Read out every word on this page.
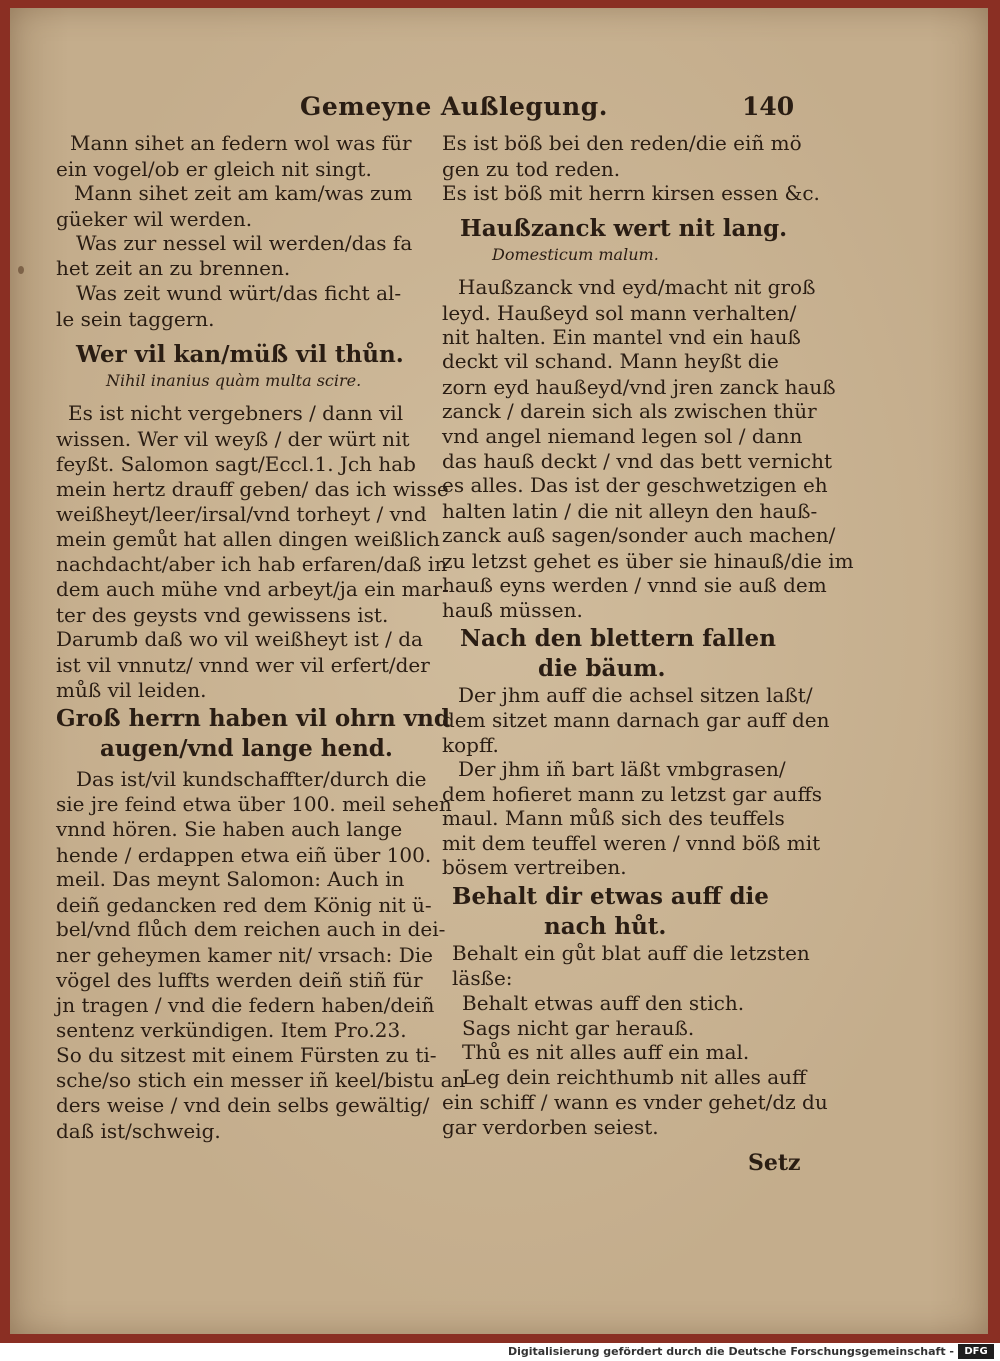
Gemeyne Außlegung.	140
Mann sihet an federn wol was für
ein vogel/ob er gleich nit singt.
Mann sihet zeit am kam/was zum
güeker wil werden.
Was zur nessel wil werden/das fa
het zeit an zu brennen.
Was zeit wund würt/das ficht al-
le sein taggern.
Wer vil kan/müß vil thůn.
Nihil inanius quàm multa scire.
Es ist nicht vergebners / dann vil
wissen. Wer vil weyß / der würt nit
feyßt. Salomon sagt/Eccl.1. Jch hab
mein hertz drauff geben/ das ich wisse
weißheyt/leer/irsal/vnd torheyt / vnd
mein gemůt hat allen dingen weißlich
nachdacht/aber ich hab erfaren/daß in
dem auch mühe vnd arbeyt/ja ein mar-
ter des geysts vnd gewissens ist.
Darumb daß wo vil weißheyt ist / da
ist vil vnnutz/ vnnd wer vil erfert/der
můß vil leiden.
Groß herrn haben vil ohrn vnd
augen/vnd lange hend.
Das ist/vil kundschaffter/durch die
sie jre feind etwa über 100. meil sehen
vnnd hören. Sie haben auch lange
hende / erdappen etwa eiñ über 100.
meil. Das meynt Salomon: Auch in
deiñ gedancken red dem König nit ü-
bel/vnd flůch dem reichen auch in dei-
ner geheymen kamer nit/ vrsach: Die
vögel des luffts werden deiñ stiñ für
jn tragen / vnd die federn haben/deiñ
sentenz verkündigen. Item Pro.23.
So du sitzest mit einem Fürsten zu ti-
sche/so stich ein messer iñ keel/bistu an
ders weise / vnd dein selbs gewältig/
daß ist/schweig.
Es ist böß bei den reden/die eiñ mö
gen zu tod reden.
Es ist böß mit herrn kirsen essen &c.
Haußzanck wert nit lang.
Domesticum malum.
Haußzanck vnd eyd/macht nit groß
leyd. Haußeyd sol mann verhalten/
nit halten. Ein mantel vnd ein hauß
deckt vil schand. Mann heyßt die
zorn eyd haußeyd/vnd jren zanck hauß
zanck / darein sich als zwischen thür
vnd angel niemand legen sol / dann
das hauß deckt / vnd das bett vernicht
es alles. Das ist der geschwetzigen eh
halten latin / die nit alleyn den hauß-
zanck auß sagen/sonder auch machen/
zu letzst gehet es über sie hinauß/die im
hauß eyns werden / vnnd sie auß dem
hauß müssen.
Nach den blettern fallen
die bäum.
Der jhm auff die achsel sitzen laßt/
dem sitzet mann darnach gar auff den
kopff.
Der jhm iñ bart läßt vmbgrasen/
dem hofieret mann zu letzst gar auffs
maul. Mann můß sich des teuffels
mit dem teuffel weren / vnnd böß mit
bösem vertreiben.
Behalt dir etwas auff die
nach hůt.
Behalt ein gůt blat auff die letzsten
läsße:
Behalt etwas auff den stich.
Sags nicht gar herauß.
Thů es nit alles auff ein mal.
Leg dein reichthumb nit alles auff
ein schiff / wann es vnder gehet/dz du
gar verdorben seiest.
Setz
Digitalisierung gefördert durch die Deutsche Forschungsgemeinschaft -	DFG
